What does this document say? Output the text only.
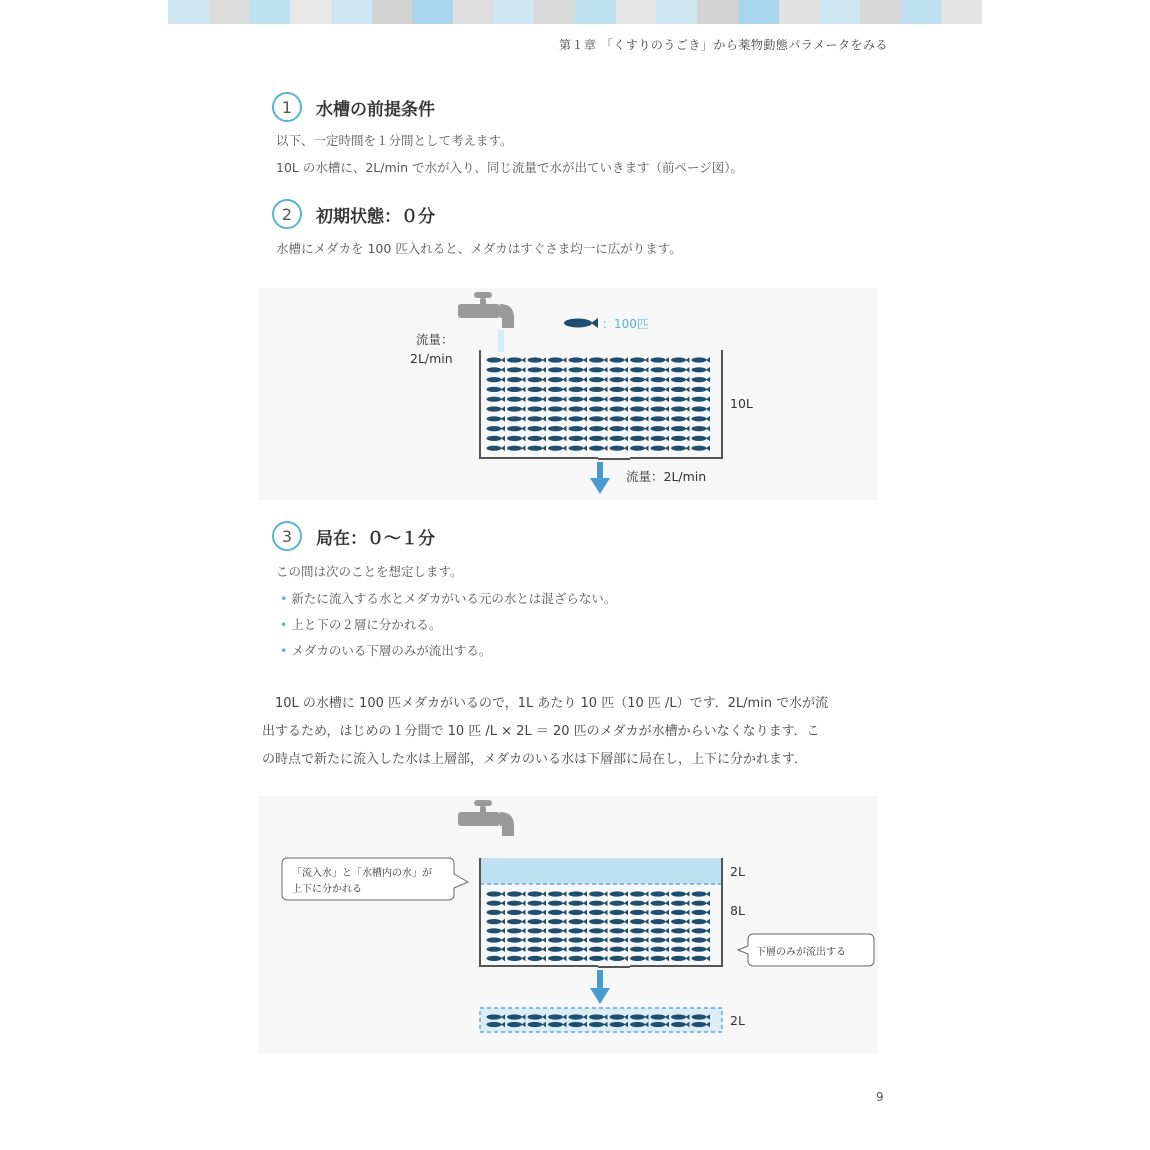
第１章 「くすりのうごき」から薬物動態パラメータをみる
1	水槽の前提条件
以下、一定時間を１分間として考えます。
10L の水槽に、2L/min で水が入り、同じ流量で水が出ていきます（前ページ図）。
2	初期状態：０分
水槽にメダカを 100 匹入れると、メダカはすぐさま均一に広がります。
：100匹
流量：
2L/min
10L
流量：2L/min
3	局在：０～１分
この間は次のことを想定します。
• 新たに流入する水とメダカがいる元の水とは混ざらない。
• 上と下の２層に分かれる。
• メダカのいる下層のみが流出する。
　10L の水槽に 100 匹メダカがいるので，1L あたり 10 匹（10 匹 /L）です．2L/min で水が流
出するため，はじめの１分間で 10 匹 /L × 2L ＝ 20 匹のメダカが水槽からいなくなります．こ
の時点で新たに流入した水は上層部，メダカのいる水は下層部に局在し，上下に分かれます．
2L
8L
「流入水」と「水槽内の水」が
上下に分かれる
下層のみが流出する
2L
9
